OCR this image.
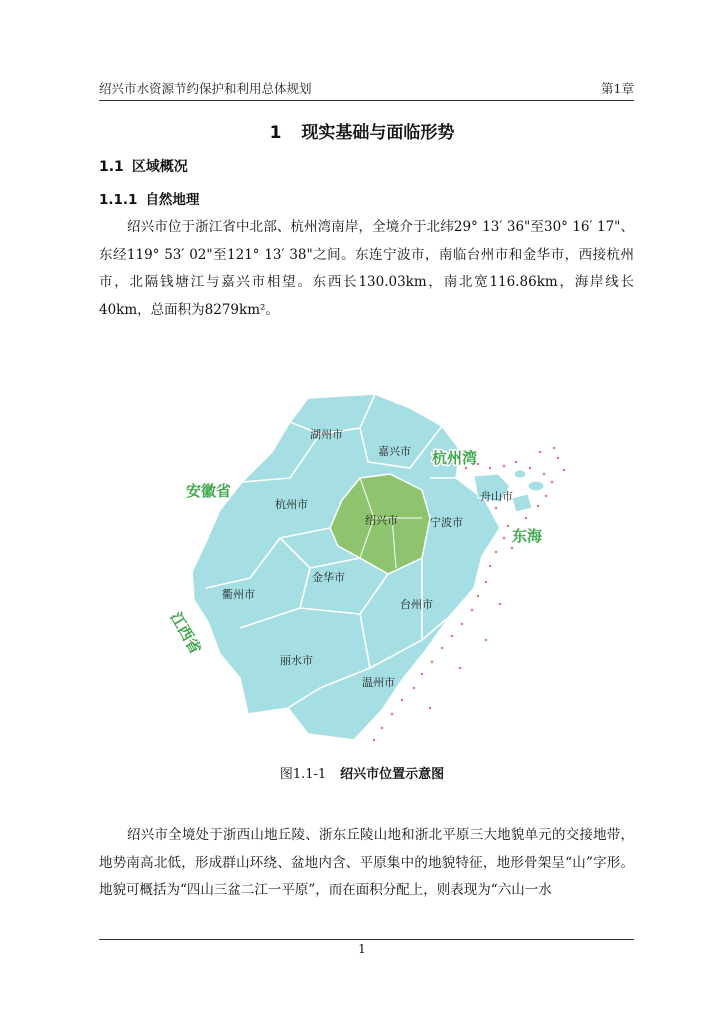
绍兴市水资源节约保护和利用总体规划	第1章
1 现实基础与面临形势
1.1 区域概况
1.1.1 自然地理

绍兴市位于浙江省中北部、杭州湾南岸，全境介于北纬29° 13′ 36"至30° 16′ 17"、东经119° 53′ 02"至121° 13′ 38"之间。东连宁波市，南临台州市和金华市，西接杭州市，北隔钱塘江与嘉兴市相望。东西长130.03km，南北宽116.86km，海岸线长40km，总面积为8279km²。

湖州市
嘉兴市
杭州市
绍兴市	宁波市
舟山市
衢州市
金华市
台州市
丽水市
温州市
安徽省
杭州湾
东海
江西省
图1.1-1 绍兴市位置示意图

绍兴市全境处于浙西山地丘陵、浙东丘陵山地和浙北平原三大地貌单元的交接地带，地势南高北低，形成群山环绕、盆地内含、平原集中的地貌特征，地形骨架呈“山”字形。地貌可概括为“四山三盆二江一平原”，而在面积分配上，则表现为“六山一水

1
